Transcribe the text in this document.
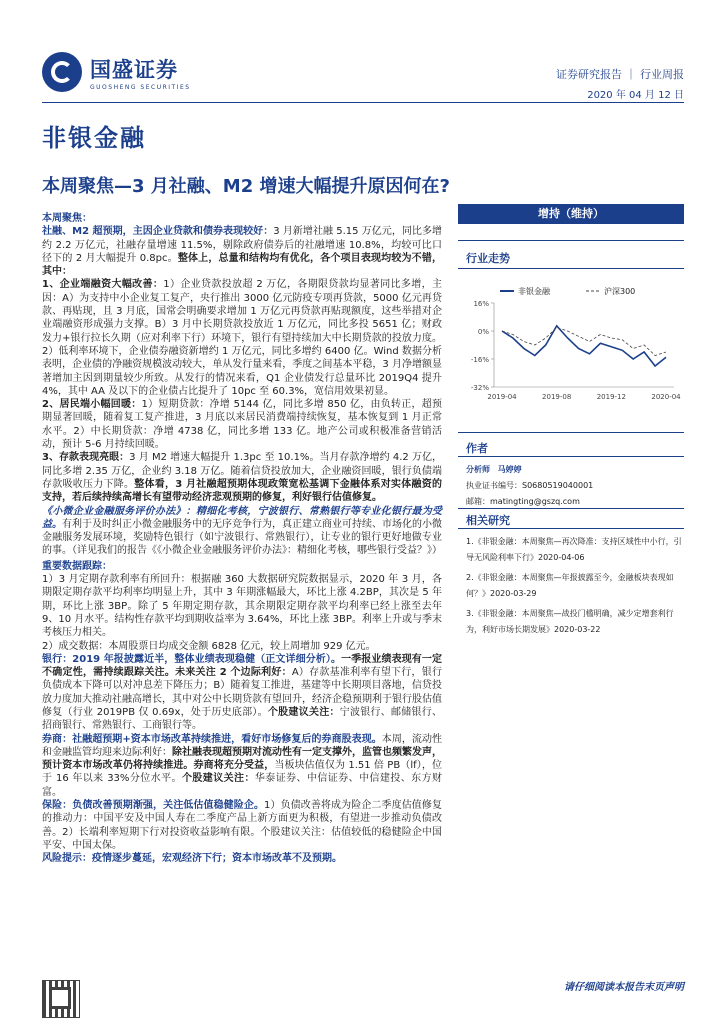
国盛证券
GUOSHENG SECURITIES
证券研究报告 ｜ 行业周报
2020 年 04 月 12 日
非银金融
本周聚焦—3 月社融、M2 增速大幅提升原因何在?

本周聚焦：

社融、M2 超预期，主因企业贷款和债券表现较好：3 月新增社融 5.15 万亿元，同比多增约 2.2 万亿元，社融存量增速 11.5%，剔除政府债券后的社融增速 10.8%，均较可比口径下的 2 月大幅提升 0.8pc。整体上，总量和结构均有优化，各个项目表现均较为不错，其中：

1、企业端融资大幅改善：1）企业贷款投放超 2 万亿，各期限贷款均显著同比多增，主因：A）为支持中小企业复工复产，央行推出 3000 亿元防疫专项再贷款，5000 亿元再贷款、再贴现，且 3 月底，国常会明确要求增加 1 万亿元再贷款再贴现额度，这些举措对企业端融资形成强力支撑。B）3 月中长期贷款投放近 1 万亿元，同比多投 5651 亿；财政发力+银行拉长久期（应对利率下行）环境下，银行有望持续加大中长期贷款的投放力度。2）低利率环境下，企业债券融资新增约 1 万亿元，同比多增约 6400 亿。Wind 数据分析表明，企业债的净融资规模波动较大，单从发行量来看，季度之间基本平稳，3 月净增额显著增加主因到期量较少所致。从发行的情况来看，Q1 企业债发行总量环比 2019Q4 提升 4%，其中 AA 及以下的企业债占比提升了 10pc 至 60.3%，宽信用效果初显。

2、居民端小幅回暖：1）短期贷款：净增 5144 亿，同比多增 850 亿，由负转正，超预期显著回暖，随着复工复产推进，3 月底以来居民消费端持续恢复，基本恢复到 1 月正常水平。2）中长期贷款：净增 4738 亿，同比多增 133 亿。地产公司或积极准备营销活动，预计 5-6 月持续回暖。

3、存款表现亮眼：3 月 M2 增速大幅提升 1.3pc 至 10.1%。当月存款净增约 4.2 万亿，同比多增 2.35 万亿，企业约 3.18 万亿。随着信贷投放加大，企业融资回暖，银行负债端存款吸收压力下降。整体看，3 月社融超预期体现政策宽松基调下金融体系对实体融资的支持，若后续持续高增长有望带动经济悲观预期的修复，利好银行估值修复。

《小微企业金融服务评价办法》：精细化考核，宁波银行、常熟银行等专业化银行最为受益。有利于及时纠正小微金融服务中的无序竞争行为，真正建立商业可持续、市场化的小微金融服务发展环境，奖励特色银行（如宁波银行、常熟银行），让专业的银行更好地做专业的事。（详见我们的报告《《小微企业金融服务评价办法》：精细化考核，哪些银行受益？》）

重要数据跟踪：

1）3 月定期存款利率有所回升：根据融 360 大数据研究院数据显示，2020 年 3 月，各期限定期存款平均利率均明显上升，其中 3 年期涨幅最大，环比上涨 4.2BP，其次是 5 年期，环比上涨 3BP。除了 5 年期定期存款，其余期限定期存款平均利率已经上涨至去年 9、10 月水平。结构性存款平均到期收益率为 3.64%，环比上涨 3BP。利率上升或与季末考核压力相关。

2）成交数据：本周股票日均成交金额 6828 亿元，较上周增加 929 亿元。

银行：2019 年报披露近半，整体业绩表现稳健（正文详细分析）。一季报业绩表现有一定不确定性，需持续跟踪关注。未来关注 2 个边际利好：A）存款基准利率有望下行，银行负债成本下降可以对冲息差下降压力；B）随着复工推进，基建等中长期项目落地，信贷投放力度加大推动社融高增长，其中对公中长期贷款有望回升，经济企稳预期利于银行股估值修复（行业 2019PB 仅 0.69x，处于历史底部）。个股建议关注：宁波银行、邮储银行、招商银行、常熟银行、工商银行等。

券商：社融超预期+资本市场改革持续推进，看好市场修复后的券商股表现。本周，流动性和金融监管均迎来边际利好：除社融表现超预期对流动性有一定支撑外，监管也频繁发声，预计资本市场改革仍将持续推进。券商将充分受益，当板块估值仅为 1.51 倍 PB（lf），位于 16 年以来 33%分位水平。个股建议关注：华泰证券、中信证券、中信建投、东方财富。

保险：负债改善预期渐强，关注低估值稳健险企。1）负债改善将成为险企二季度估值修复的推动力：中国平安及中国人寿在二季度产品上新方面更为积极，有望进一步推动负债改善。2）长端利率短期下行对投资收益影响有限。个股建议关注：估值较低的稳健险企中国平安、中国太保。

风险提示：疫情逐步蔓延，宏观经济下行；资本市场改革不及预期。

增持（维持）
行业走势
非银金融	沪深300
16%
0%
-16%
-32%
2019-04	2019-08	2019-12	2020-04
作者
分析师 马婷婷
执业证书编号：S0680519040001
邮箱：matingting@gszq.com
相关研究

1.《非银金融：本周聚焦—再次降准：支持区域性中小行，引导无风险利率下行》2020-04-06

2.《非银金融：本周聚焦—年报披露至今，金融板块表现如何？》2020-03-29

3.《非银金融：本周聚焦—战投门槛明确，减少定增套利行为，利好市场长期发展》2020-03-22

请仔细阅读本报告末页声明
